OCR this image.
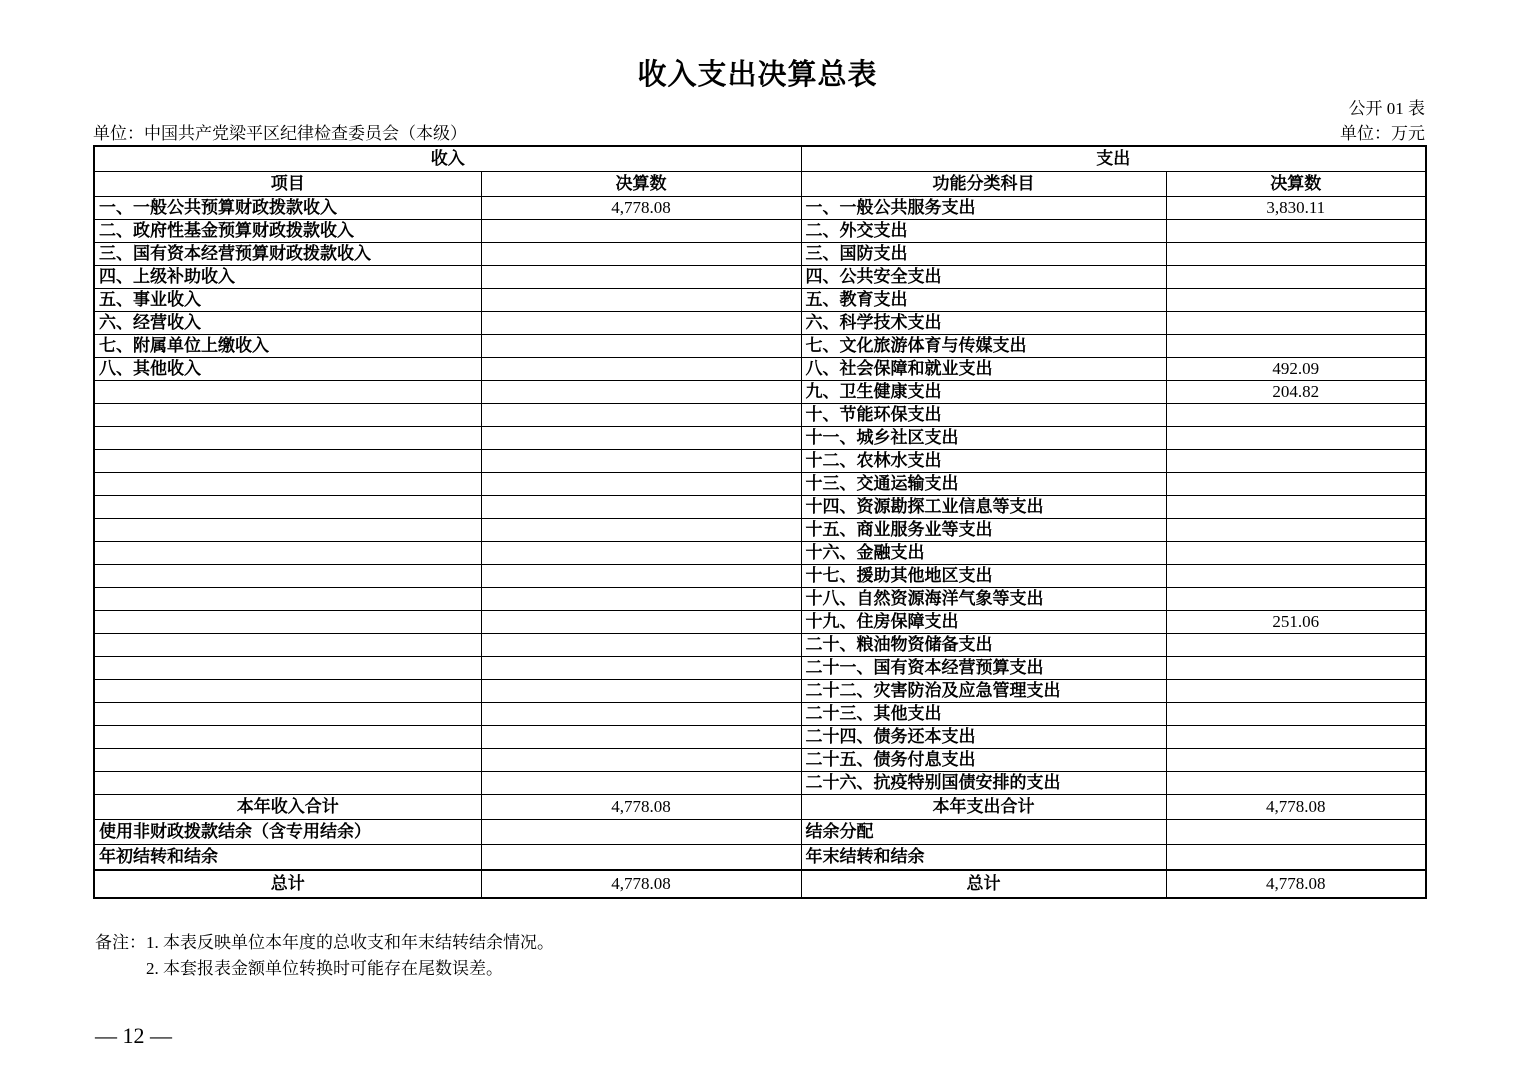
收入支出决算总表
公开 01 表
单位：中国共产党梁平区纪律检查委员会（本级）	单位：万元
收入		支出	
项目	决算数	功能分类科目	决算数
一、一般公共预算财政拨款收入	4,778.08	一、一般公共服务支出	3,830.11
二、政府性基金预算财政拨款收入		二、外交支出	
三、国有资本经营预算财政拨款收入		三、国防支出	
四、上级补助收入		四、公共安全支出	
五、事业收入		五、教育支出	
六、经营收入		六、科学技术支出	
七、附属单位上缴收入		七、文化旅游体育与传媒支出	
八、其他收入		八、社会保障和就业支出	492.09
		九、卫生健康支出	204.82
		十、节能环保支出	
		十一、城乡社区支出	
		十二、农林水支出	
		十三、交通运输支出	
		十四、资源勘探工业信息等支出	
		十五、商业服务业等支出	
		十六、金融支出	
		十七、援助其他地区支出	
		十八、自然资源海洋气象等支出	
		十九、住房保障支出	251.06
		二十、粮油物资储备支出	
		二十一、国有资本经营预算支出	
		二十二、灾害防治及应急管理支出	
		二十三、其他支出	
		二十四、债务还本支出	
		二十五、债务付息支出	
		二十六、抗疫特别国债安排的支出	
本年收入合计	4,778.08	本年支出合计	4,778.08
使用非财政拨款结余（含专用结余）		结余分配	
年初结转和结余		年末结转和结余	
总计	4,778.08	总计	4,778.08
备注： 1. 本表反映单位本年度的总收支和年末结转结余情况。
2. 本套报表金额单位转换时可能存在尾数误差。
— 12 —
